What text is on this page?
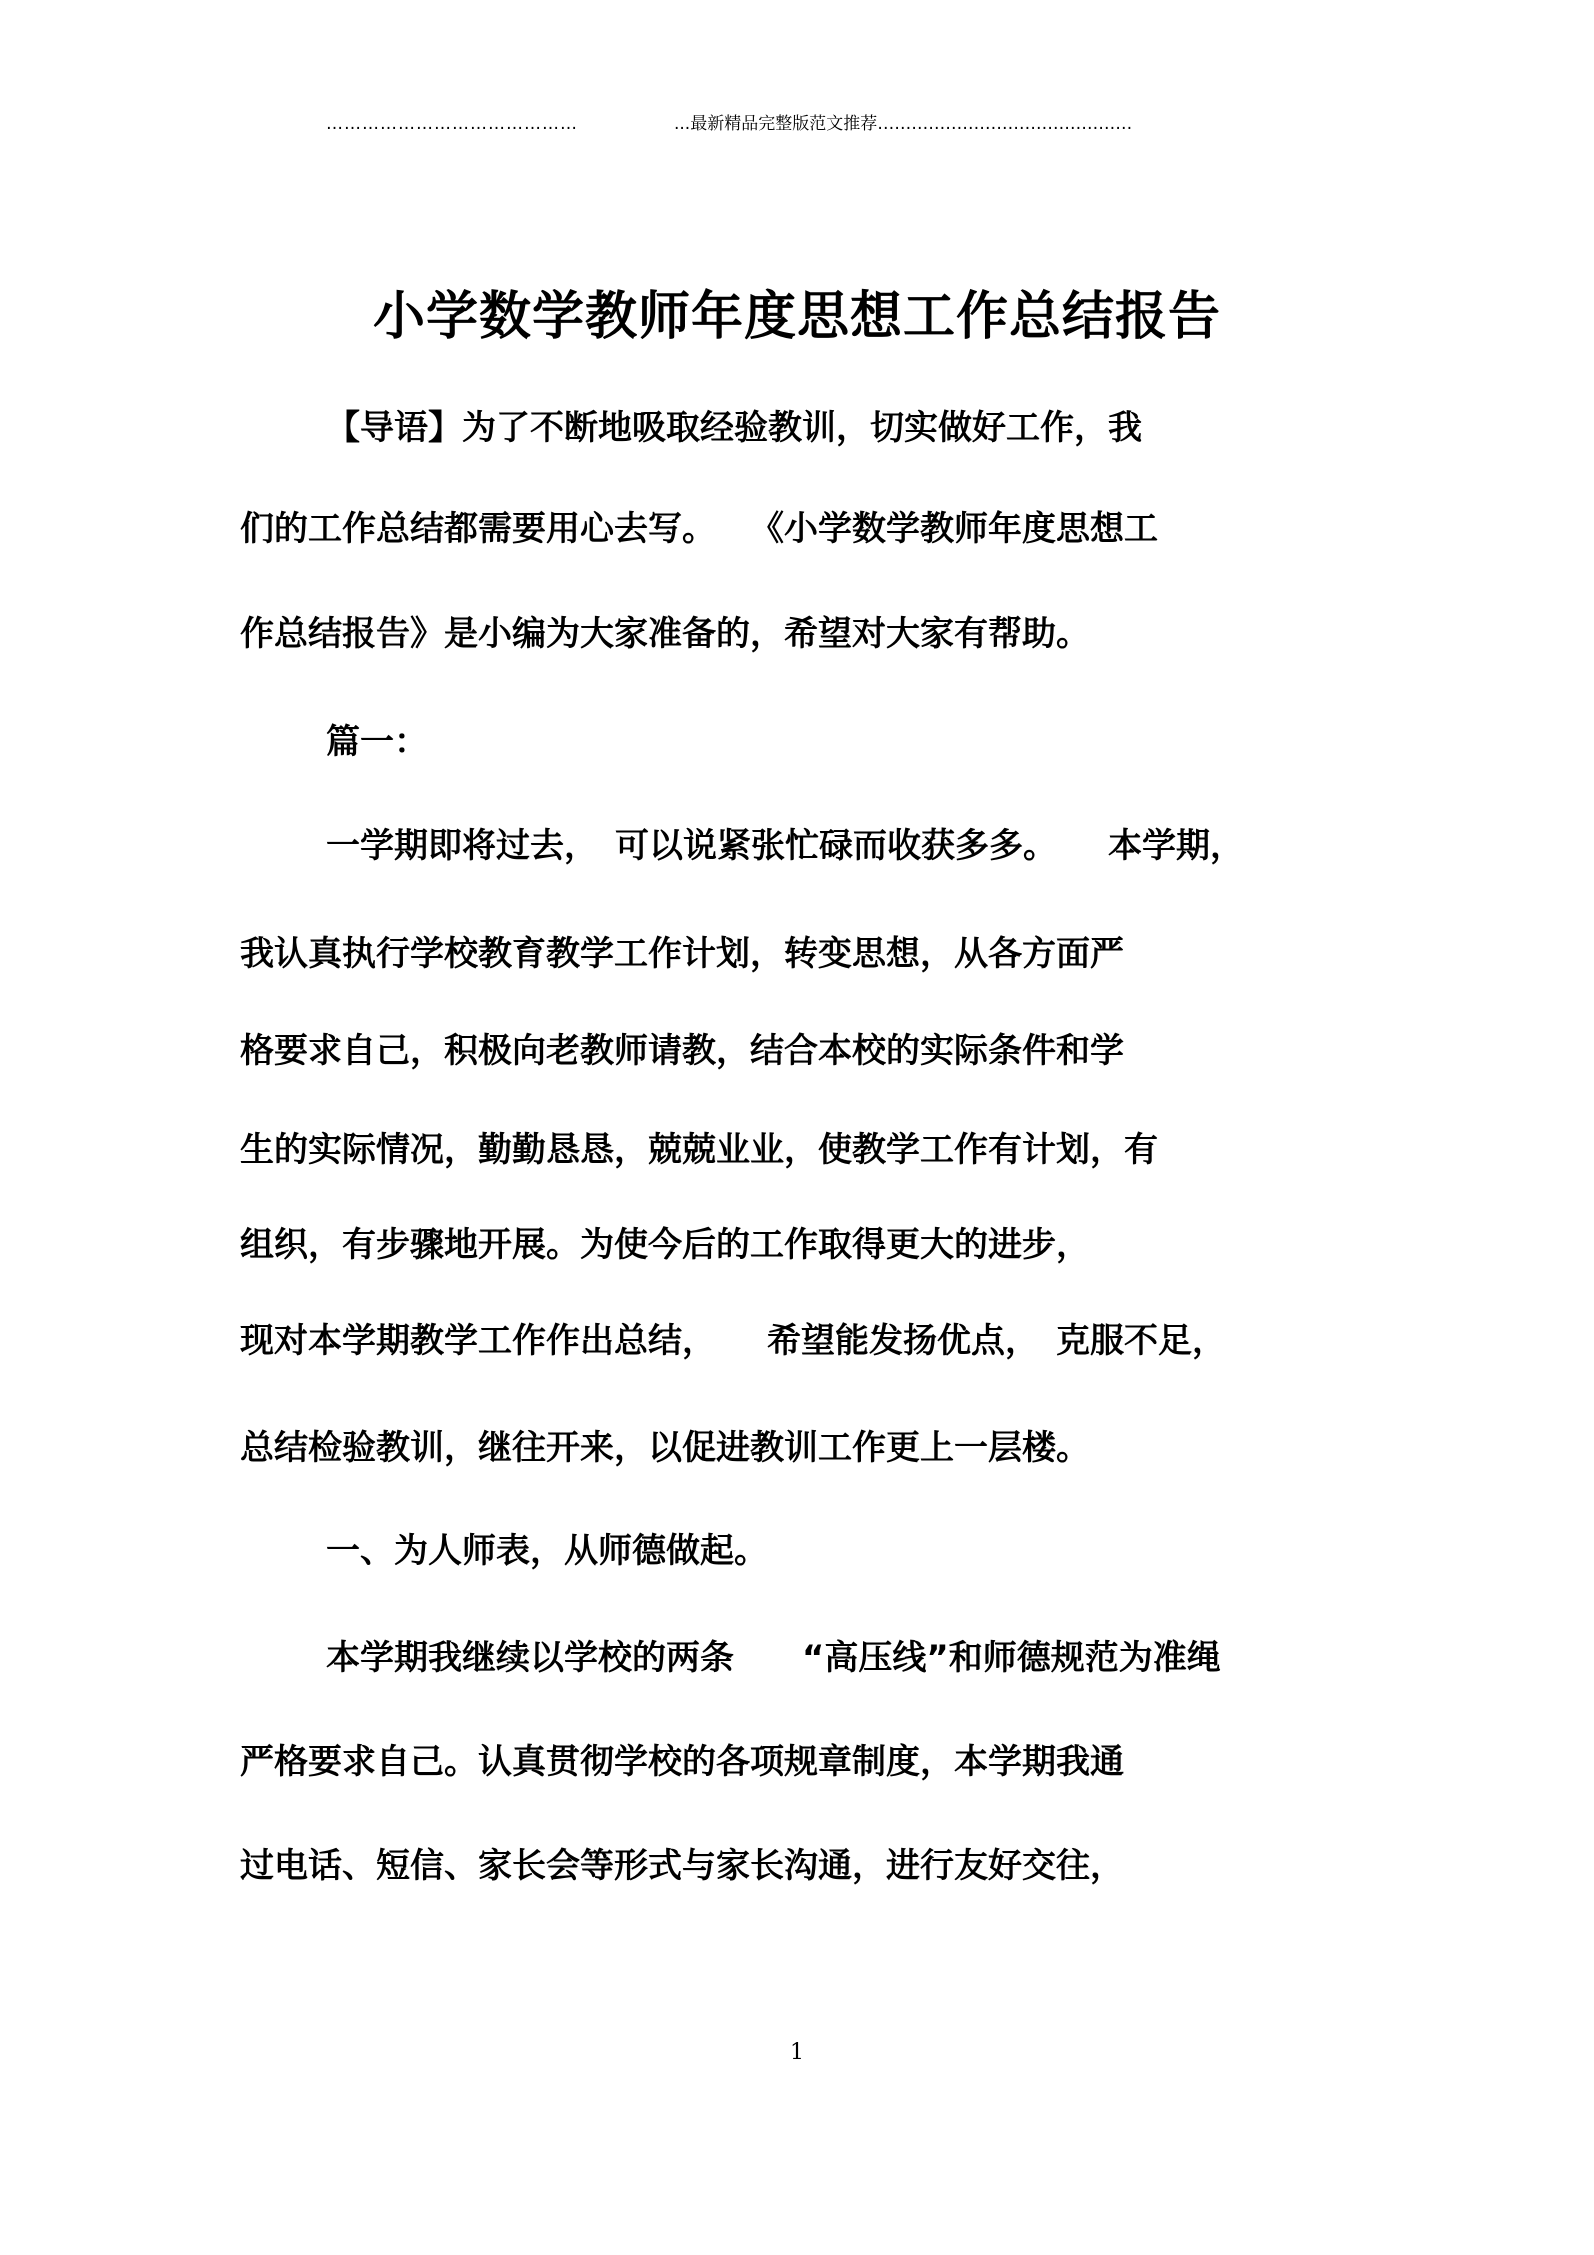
……………………………………	...最新精品完整版范文推荐………………………………………
小学数学教师年度思想工作总结报告
【导语】为了不断地吸取经验教训，切实做好工作，我
们的工作总结都需要用心去写。　　《小学数学教师年度思想工
作总结报告》是小编为大家准备的，希望对大家有帮助。
篇一：
一学期即将过去，　可以说紧张忙碌而收获多多。　　本学期，
我认真执行学校教育教学工作计划，转变思想，从各方面严
格要求自己，积极向老教师请教，结合本校的实际条件和学
生的实际情况，勤勤恳恳，兢兢业业，使教学工作有计划，有
组织，有步骤地开展。为使今后的工作取得更大的进步，
现对本学期教学工作作出总结，　　希望能发扬优点，　克服不足，
总结检验教训，继往开来，以促进教训工作更上一层楼。
一、为人师表，从师德做起。
本学期我继续以学校的两条　　“高压线”和师德规范为准绳
严格要求自己。认真贯彻学校的各项规章制度，本学期我通
过电话、短信、家长会等形式与家长沟通，进行友好交往，
1
